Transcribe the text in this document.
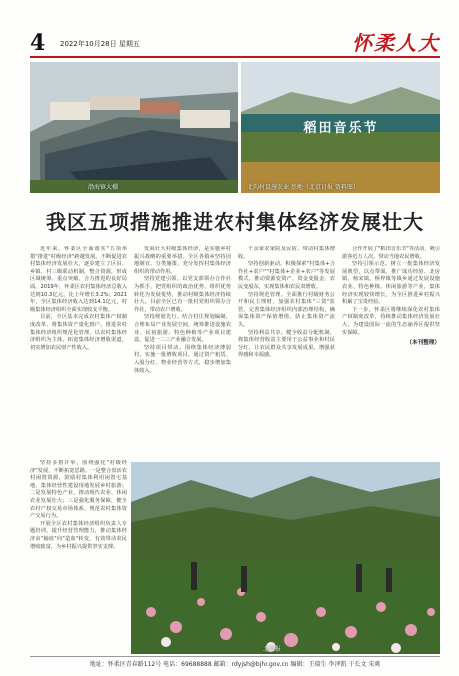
4 2022年10月28日 星期五	怀柔人大
渤海镇大棚
稻田音乐节
北沟村设施农业 基地（北京日报 资料图）
我区五项措施推进农村集体经济发展壮大
近年来，怀柔区全面落实"五项举措"推进"村级经济"跨越发展。不断促进农村集体经济发展壮大，逐步建立了区县、乡镇、村三级联动机制，整合资源，形成区域统筹、重点突破、合力推进的良好局面。2019年，怀柔区农村集体经济总收入达到10.3亿元，比上年增长3.2%；2021年，全区集体经济收入达到14.1亿元，村级集体经济组织全面实现收支平衡。
目前，全区基本完成农村集体产权制度改革，将集体资产量化到户，推进农村集体经济组织规范化管理，以农村集体经济组织为主体，拓宽集体经济增收渠道，切实增加农民财产性收入。
发展壮大村级集体经济，是实施乡村振兴战略的重要举措。全区各镇乡坚持因地制宜、分类施策，充分发挥村集体经济组织的带动作用。
坚持党建引领。以党支部领办合作社为抓手，把党组织的政治优势、组织优势转化为发展优势，推动村级集体经济持续壮大。目前全区已有一批村党组织领办合作社，带动农户增收。
坚持规划先行。结合村庄规划编制，合理布局产业发展空间，统筹推进设施农业、民宿旅游、特色种植等产业项目建设，促进一二三产业融合发展。
坚持项目带动。围绕集体经济薄弱村，实施一批增收项目，通过资产租赁、入股分红、物业经营等方式，稳步增加集体收入。
千余家农家院及民宿，带动村集体增收。
坚持创新驱动。积极探索"村集体+合作社+农户""村集体+企业+农户"等发展模式，推动资源变资产、资金变股金、农民变股东，实现集体和农民双增收。
坚持规范管理。全面推行村级财务公开和民主理财，加强农村集体"三资"监管，完善集体经济组织内部治理结构，确保集体资产保值增值，防止集体资产流失。
坚持利益共享。健全收益分配机制，将集体经营收益主要用于公益事业和村民分红，让农民群众共享发展成果，增强获得感和幸福感。
合作开展了"稻田音乐节"等活动，吸引游客近万人次，带动当地农民增收。
坚持引领示范。树立一批集体经济发展典型，以点带面，推广成功经验。北房镇、杨宋镇、桥梓镇等镇乡通过发展设施农业、特色种植、休闲旅游等产业，集体经济实现较快增长，为全区推进乡村振兴积累了宝贵经验。
下一步，怀柔区将继续深化农村集体产权制度改革，持续推动集体经济发展壮大，为建设国际一流的生态涵养区提供坚实保障。
（本刊整理）
坚持多措并举，围绕强化"村级经济"发展，不断拓宽思路。一是整合盘活农村闲置资源，鼓励村集体利用闲置宅基地、集体经营性建设用地发展乡村旅游；二是发展特色产业，推动现代农业、休闲农业发展壮大；三是强化服务保障，健全农村产权交易市场体系，规范农村集体资产交易行为。
开展全区农村集体经济组织负责人专题培训，提升经营管理能力，推动集体经济由"输血"向"造血"转变，有效带动农民增收致富，为乡村振兴提供坚实支撑。
北京报
地址：怀柔区青春路112号 电话：69688888 邮箱：rdyjsh@bjhr.gov.cn 编辑：王瑞生 李泽凯 于长文 宋爽
